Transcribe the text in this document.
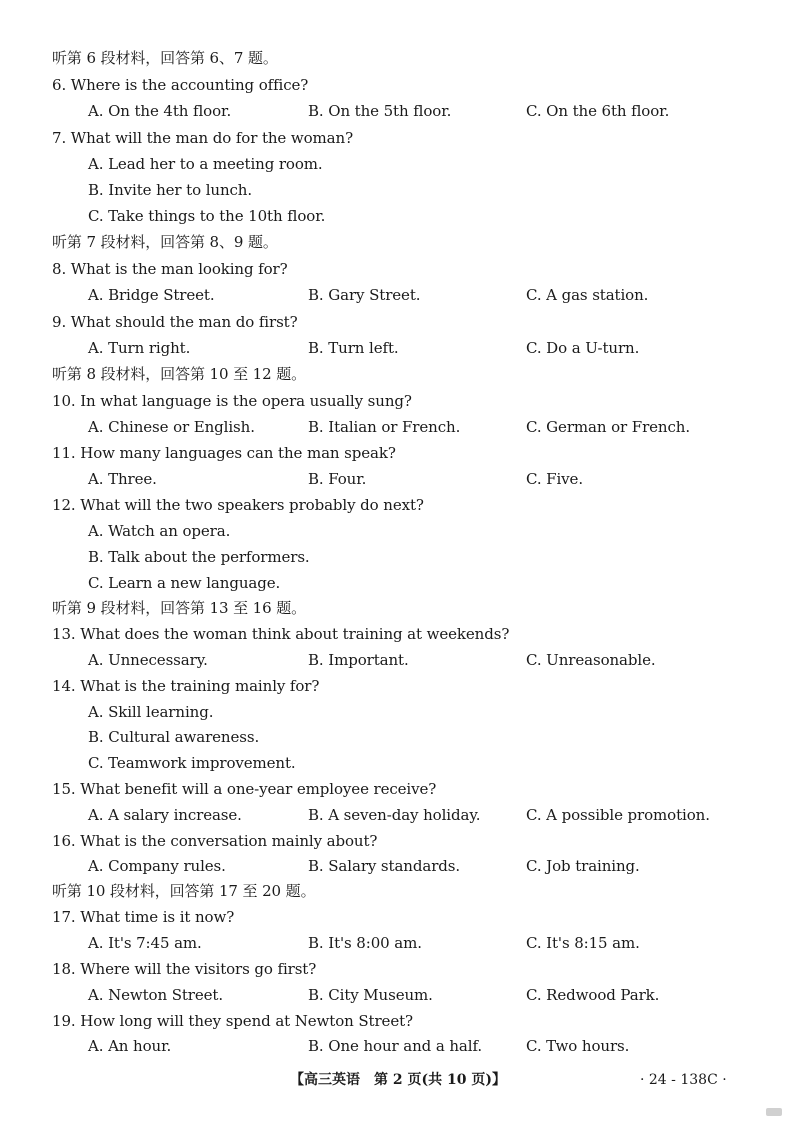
听第 6 段材料，回答第 6、7 题。
6. Where is the accounting office?
A. On the 4th floor.	B. On the 5th floor.	C. On the 6th floor.
7. What will the man do for the woman?
A. Lead her to a meeting room.
B. Invite her to lunch.
C. Take things to the 10th floor.
听第 7 段材料，回答第 8、9 题。
8. What is the man looking for?
A. Bridge Street.	B. Gary Street.	C. A gas station.
9. What should the man do first?
A. Turn right.	B. Turn left.	C. Do a U-turn.
听第 8 段材料，回答第 10 至 12 题。
10. In what language is the opera usually sung?
A. Chinese or English.	B. Italian or French.	C. German or French.
11. How many languages can the man speak?
A. Three.	B. Four.	C. Five.
12. What will the two speakers probably do next?
A. Watch an opera.
B. Talk about the performers.
C. Learn a new language.
听第 9 段材料，回答第 13 至 16 题。
13. What does the woman think about training at weekends?
A. Unnecessary.	B. Important.	C. Unreasonable.
14. What is the training mainly for?
A. Skill learning.
B. Cultural awareness.
C. Teamwork improvement.
15. What benefit will a one-year employee receive?
A. A salary increase.	B. A seven-day holiday.	C. A possible promotion.
16. What is the conversation mainly about?
A. Company rules.	B. Salary standards.	C. Job training.
听第 10 段材料，回答第 17 至 20 题。
17. What time is it now?
A. It's 7:45 am.	B. It's 8:00 am.	C. It's 8:15 am.
18. Where will the visitors go first?
A. Newton Street.	B. City Museum.	C. Redwood Park.
19. How long will they spend at Newton Street?
A. An hour.	B. One hour and a half.	C. Two hours.
【高三英语　第 2 页(共 10 页)】	· 24 - 138C ·
